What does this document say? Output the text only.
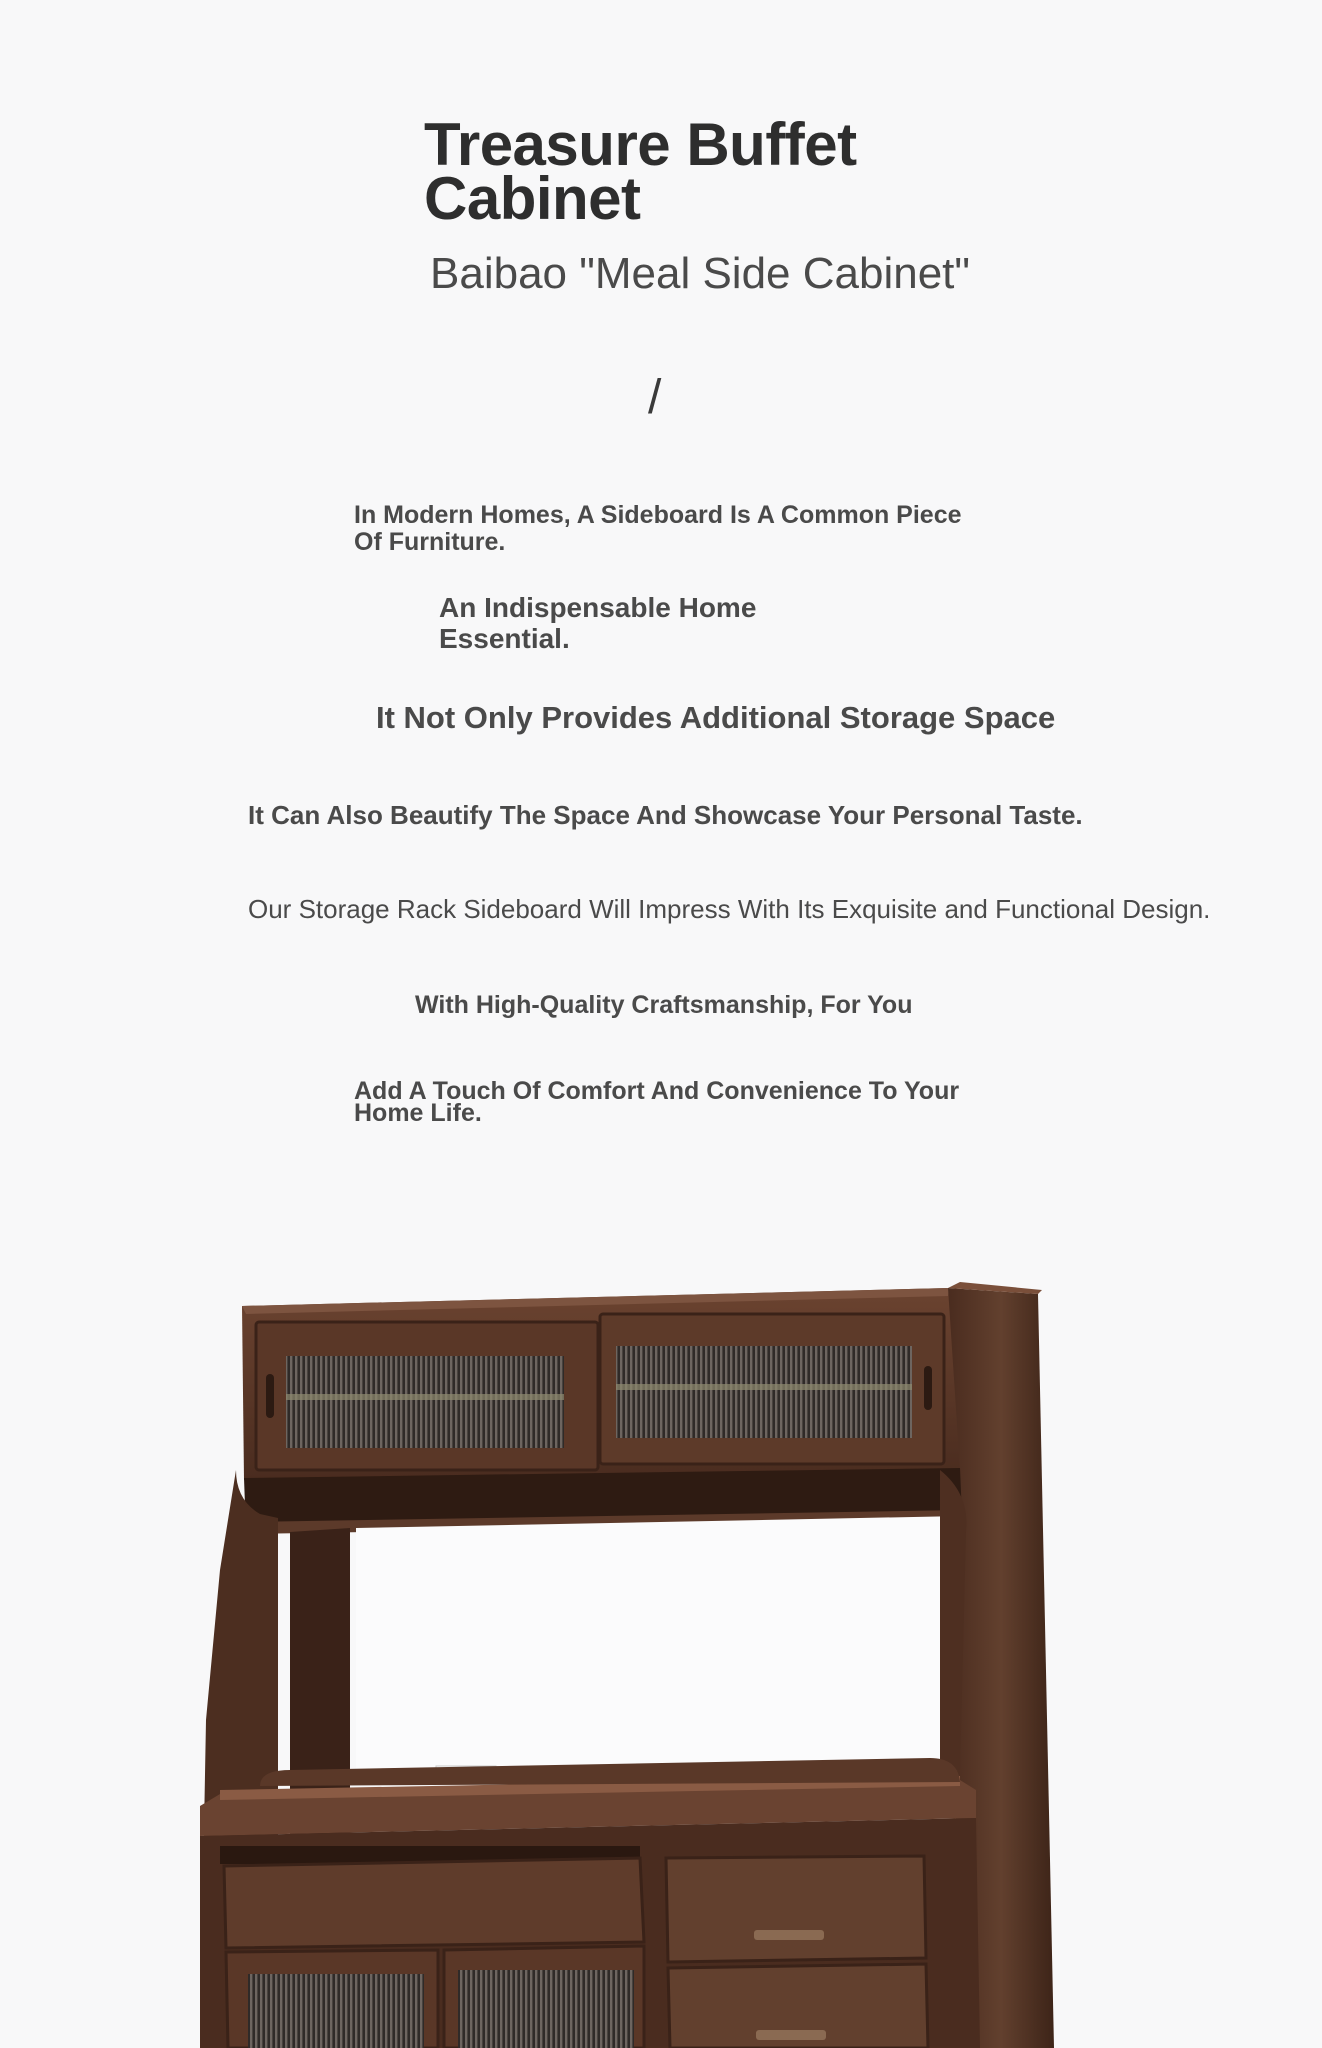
Treasure Buffet Cabinet
Baibao "Meal Side Cabinet"
/
In Modern Homes, A Sideboard Is A Common Piece Of Furniture.
An Indispensable Home Essential.
It Not Only Provides Additional Storage Space
It Can Also Beautify The Space And Showcase Your Personal Taste.
Our Storage Rack Sideboard Will Impress With Its Exquisite and Functional Design.
With High-Quality Craftsmanship, For You
Add A Touch Of Comfort And Convenience To Your Home Life.
